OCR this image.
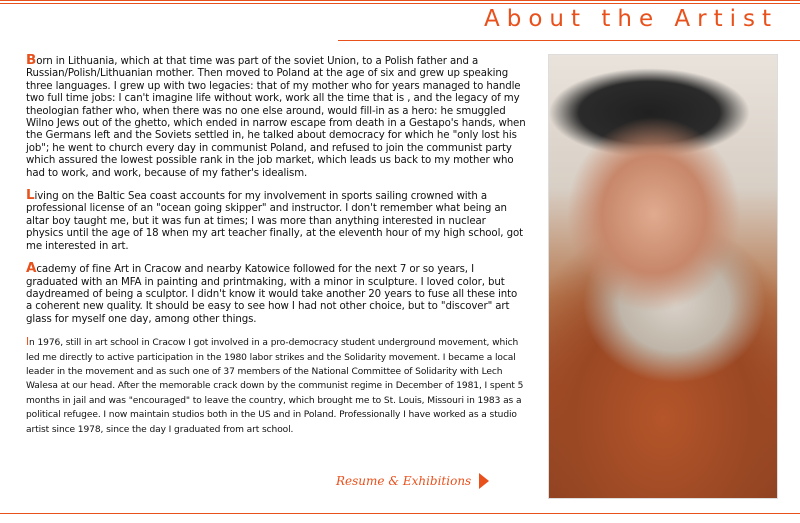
About the Artist

Born in Lithuania, which at that time was part of the soviet Union, to a Polish father and a Russian/Polish/Lithuanian mother. Then moved to Poland at the age of six and grew up speaking three languages. I grew up with two legacies: that of my mother who for years managed to handle two full time jobs: I can't imagine life without work, work all the time that is , and the legacy of my theologian father who, when there was no one else around, would fill-in as a hero: he smuggled Wilno Jews out of the ghetto, which ended in narrow escape from death in a Gestapo's hands, when the Germans left and the Soviets settled in, he talked about democracy for which he "only lost his job"; he went to church every day in communist Poland, and refused to join the communist party which assured the lowest possible rank in the job market, which leads us back to my mother who had to work, and work, because of my father's idealism.

Living on the Baltic Sea coast accounts for my involvement in sports sailing crowned with a professional license of an "ocean going skipper" and instructor. I don't remember what being an altar boy taught me, but it was fun at times; I was more than anything interested in nuclear physics until the age of 18 when my art teacher finally, at the eleventh hour of my high school, got me interested in art.

Academy of fine Art in Cracow and nearby Katowice followed for the next 7 or so years, I graduated with an MFA in painting and printmaking, with a minor in sculpture. I loved color, but daydreamed of being a sculptor. I didn't know it would take another 20 years to fuse all these into a coherent new quality. It should be easy to see how I had not other choice, but to "discover" art glass for myself one day, among other things.

In 1976, still in art school in Cracow I got involved in a pro-democracy student underground movement, which led me directly to active participation in the 1980 labor strikes and the Solidarity movement. I became a local leader in the movement and as such one of 37 members of the National Committee of Solidarity with Lech Walesa at our head. After the memorable crack down by the communist regime in December of 1981, I spent 5 months in jail and was "encouraged" to leave the country, which brought me to St. Louis, Missouri in 1983 as a political refugee. I now maintain studios both in the US and in Poland. Professionally I have worked as a studio artist since 1978, since the day I graduated from art school.

Resume & Exhibitions
